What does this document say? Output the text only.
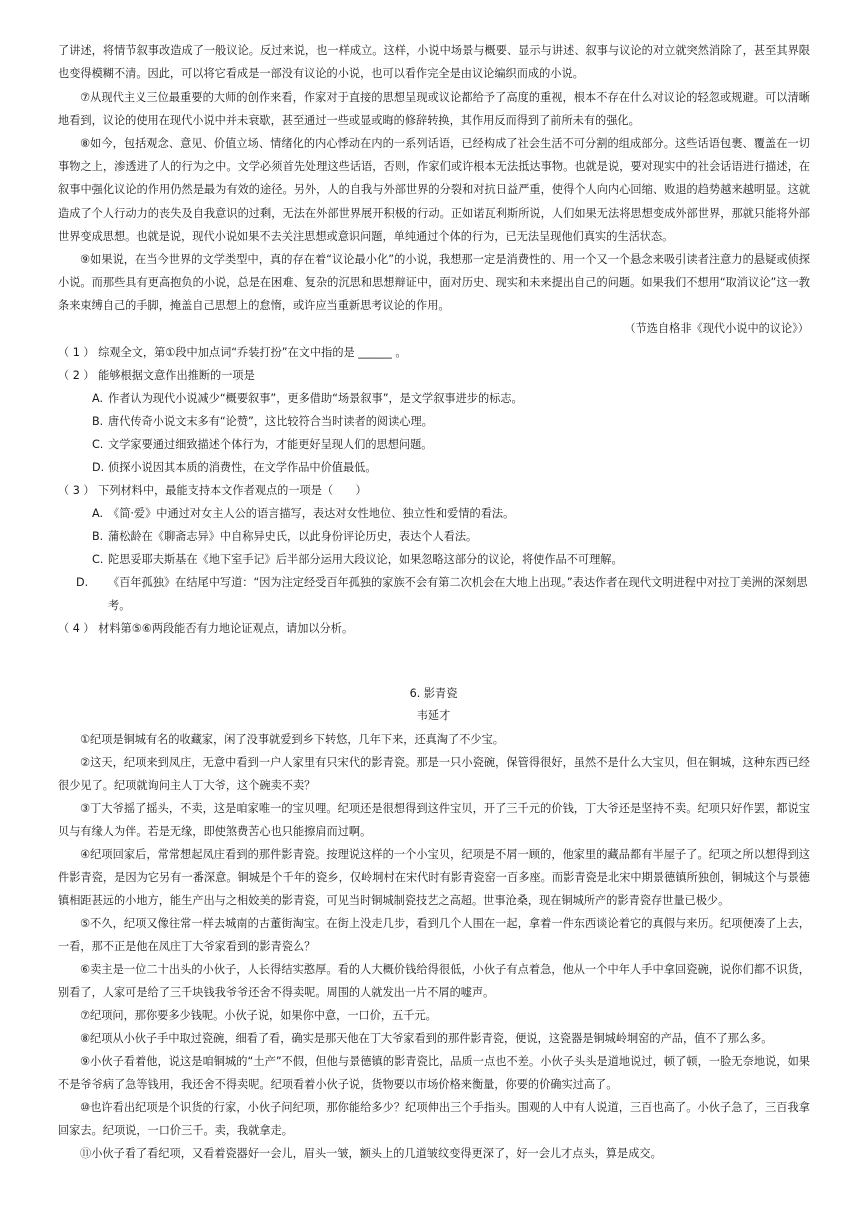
了讲述，将情节叙事改造成了一般议论。反过来说，也一样成立。这样，小说中场景与概要、显示与讲述、叙事与议论的对立就突然消除了，甚至其界限也变得模糊不清。因此，可以将它看成是一部没有议论的小说，也可以看作完全是由议论编织而成的小说。

⑦从现代主义三位最重要的大师的创作来看，作家对于直接的思想呈现或议论都给予了高度的重视，根本不存在什么对议论的轻忽或规避。可以清晰地看到，议论的使用在现代小说中并未衰歇，甚至通过一些或显或晦的修辞转换，其作用反而得到了前所未有的强化。

⑧如今，包括观念、意见、价值立场、情绪化的内心悸动在内的一系列话语，已经构成了社会生活不可分割的组成部分。这些话语包裹、覆盖在一切事物之上，渗透进了人的行为之中。文学必须首先处理这些话语，否则，作家们或许根本无法抵达事物。也就是说，要对现实中的社会话语进行描述，在叙事中强化议论的作用仍然是最为有效的途径。另外，人的自我与外部世界的分裂和对抗日益严重，使得个人向内心回缩、败退的趋势越来越明显。这就造成了个人行动力的丧失及自我意识的过剩，无法在外部世界展开积极的行动。正如诺瓦利斯所说，人们如果无法将思想变成外部世界，那就只能将外部世界变成思想。也就是说，现代小说如果不去关注思想或意识问题，单纯通过个体的行为，已无法呈现他们真实的生活状态。

⑨如果说，在当今世界的文学类型中，真的存在着“议论最小化”的小说，我想那一定是消费性的、用一个又一个悬念来吸引读者注意力的悬疑或侦探小说。而那些具有更高抱负的小说，总是在困难、复杂的沉思和思想辩证中，面对历史、现实和未来提出自己的问题。如果我们不想用“取消议论”这一教条来束缚自己的手脚，掩盖自己思想上的怠惰，或许应当重新思考议论的作用。

（节选自格非《现代小说中的议论》）

（ 1 ） 综观全文，第①段中加点词“乔装打扮”在文中指的是 ______ 。

（ 2 ） 能够根据文意作出推断的一项是

A. 作者认为现代小说减少“概要叙事”，更多借助“场景叙事”，是文学叙事进步的标志。

B. 唐代传奇小说文末多有“论赞”，这比较符合当时读者的阅读心理。

C. 文学家要通过细致描述个体行为，才能更好呈现人们的思想问题。

D. 侦探小说因其本质的消费性，在文学作品中价值最低。

（ 3 ） 下列材料中，最能支持本文作者观点的一项是（　　）

A. 《简·爱》中通过对女主人公的语言描写，表达对女性地位、独立性和爱情的看法。

B. 蒲松龄在《聊斋志异》中自称异史氏，以此身份评论历史，表达个人看法。

C. 陀思妥耶夫斯基在《地下室手记》后半部分运用大段议论，如果忽略这部分的议论，将使作品不可理解。

D. 《百年孤独》在结尾中写道：“因为注定经受百年孤独的家族不会有第二次机会在大地上出现。”表达作者在现代文明进程中对拉丁美洲的深刻思考。

（ 4 ） 材料第⑤⑥两段能否有力地论证观点，请加以分析。

6. 影青瓷

韦延才

①纪项是铜城有名的收藏家，闲了没事就爱到乡下转悠，几年下来，还真淘了不少宝。

②这天，纪项来到凤庄，无意中看到一户人家里有只宋代的影青瓷。那是一只小瓷碗，保管得很好，虽然不是什么大宝贝，但在铜城，这种东西已经很少见了。纪项就询问主人丁大爷，这个碗卖不卖？

③丁大爷摇了摇头，不卖，这是咱家唯一的宝贝哩。纪项还是很想得到这件宝贝，开了三千元的价钱，丁大爷还是坚持不卖。纪项只好作罢，都说宝贝与有缘人为伴。若是无缘，即使煞费苦心也只能擦肩而过啊。

④纪项回家后，常常想起凤庄看到的那件影青瓷。按理说这样的一个小宝贝，纪项是不屑一顾的，他家里的藏品都有半屋子了。纪项之所以想得到这件影青瓷，是因为它另有一番深意。铜城是个千年的瓷乡，仅岭垌村在宋代时有影青瓷窑一百多座。而影青瓷是北宋中期景德镇所独创，铜城这个与景德镇相距甚远的小地方，能生产出与之相姣美的影青瓷，可见当时铜城制瓷技艺之高超。世事沧桑，现在铜城所产的影青瓷存世量已极少。

⑤不久，纪项又像往常一样去城南的古董街淘宝。在街上没走几步，看到几个人围在一起，拿着一件东西谈论着它的真假与来历。纪项便凑了上去，一看，那不正是他在凤庄丁大爷家看到的影青瓷么？

⑥卖主是一位二十出头的小伙子，人长得结实憨厚。看的人大概价钱给得很低，小伙子有点着急，他从一个中年人手中拿回瓷碗，说你们都不识货，别看了，人家可是给了三千块钱我爷爷还舍不得卖呢。周围的人就发出一片不屑的嘘声。

⑦纪项问，那你要多少钱呢。小伙子说，如果你中意，一口价，五千元。

⑧纪项从小伙子手中取过瓷碗，细看了看，确实是那天他在丁大爷家看到的那件影青瓷，便说，这瓷器是铜城岭垌窑的产品，值不了那么多。

⑨小伙子看着他，说这是咱铜城的“土产”不假，但他与景德镇的影青瓷比，品质一点也不差。小伙子头头是道地说过，顿了顿，一脸无奈地说，如果不是爷爷病了急等钱用，我还舍不得卖呢。纪项看着小伙子说，货物要以市场价格来衡量，你要的价确实过高了。

⑩也许看出纪项是个识货的行家，小伙子问纪项，那你能给多少？纪项伸出三个手指头。围观的人中有人说道，三百也高了。小伙子急了，三百我拿回家去。纪项说，一口价三千。卖，我就拿走。

⑪小伙子看了看纪项，又看着瓷器好一会儿，眉头一皱，额头上的几道皱纹变得更深了，好一会儿才点头，算是成交。
